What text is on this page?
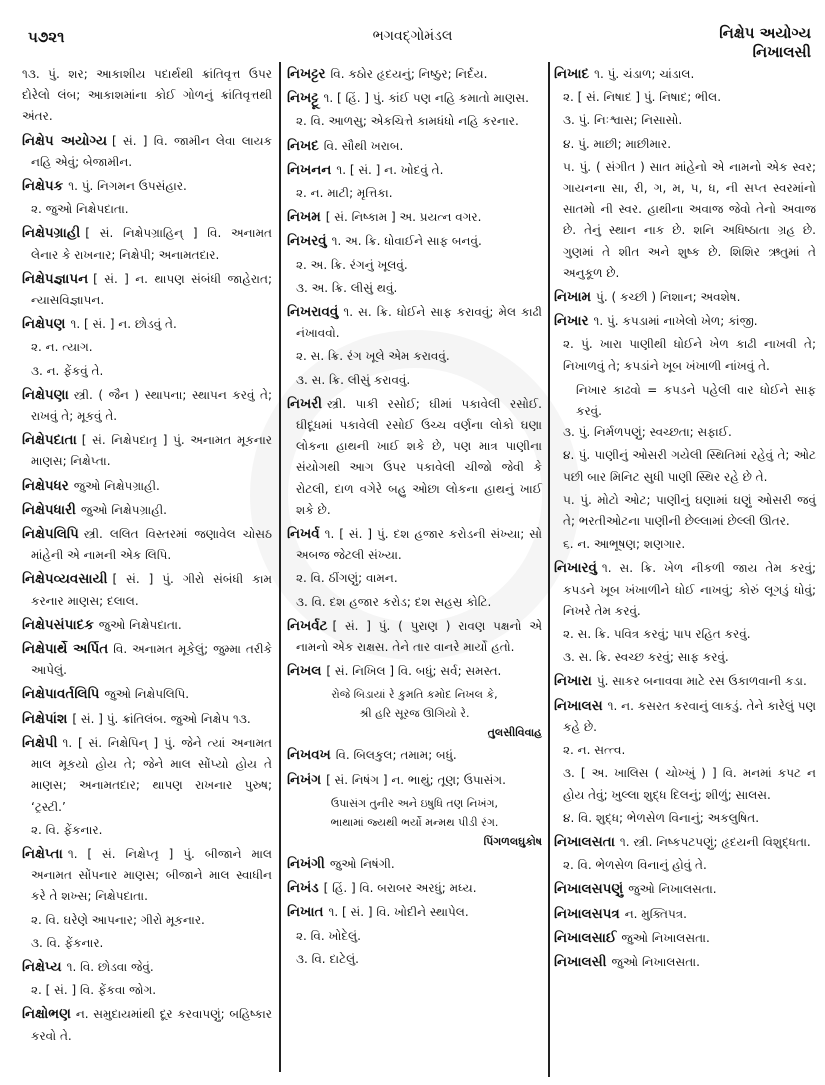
૫૭૨૧	ભગવદ્ગોમંડલ	નિક્ષેપ અયોગ્ય
નિખાલસી

૧૩. પું. શર; આકાશીય પદાર્થથી ક્રાંતિવૃત્ત ઉપર દોરેલો લંબ; આકાશમાંના કોઈ ગોળનું ક્રાંતિવૃત્તથી અંતર.

નિક્ષેપ અયોગ્ય [ સં. ] વિ. જામીન લેવા લાયક નહિ એવું; બેજામીન.

નિક્ષેપક ૧. પું. નિગમન ઉપસંહાર.

૨. જુઓ નિક્ષેપદાતા.

નિક્ષેપગ્રાહી [ સં. નિક્ષેપગ્રાહિન્ ] વિ. અનામત લેનાર કે રાખનાર; નિક્ષેપી; અનામતદાર.

નિક્ષેપજ્ઞાપન [ સં. ] ન. થાપણ સંબંધી જાહેરાત; ન્યાસવિજ્ઞાપન.

નિક્ષેપણ ૧. [ સં. ] ન. છોડવું તે.

૨. ન. ત્યાગ.

૩. ન. ફેંકવું તે.

નિક્ષેપણા સ્ત્રી. ( જૈન ) સ્થાપના; સ્થાપન કરવું તે; રાખવું તે; મૂકવું તે.

નિક્ષેપદાતા [ સં. નિક્ષેપદાતૃ ] પું. અનામત મૂકનાર માણસ; નિક્ષેપ્તા.

નિક્ષેપધર જુઓ નિક્ષેપગ્રાહી.

નિક્ષેપધારી જુઓ નિક્ષેપગ્રાહી.

નિક્ષેપલિપિ સ્ત્રી. લલિત વિસ્તરમાં જણાવેલ ચોસઠ માંહેની એ નામની એક લિપિ.

નિક્ષેપવ્યવસાયી [ સં. ] પું. ગીરો સંબંધી કામ કરનાર માણસ; દલાલ.

નિક્ષેપસંપાદક જુઓ નિક્ષેપદાતા.

નિક્ષેપાર્થે અર્પિત વિ. અનામત મૂકેલું; જુમ્મા તરીકે આપેલું.

નિક્ષેપાવર્તલિપિ જુઓ નિક્ષેપલિપિ.

નિક્ષેપાંશ [ સં. ] પું. ક્રાંતિલંબ. જુઓ નિક્ષેપ ૧૩.

નિક્ષેપી ૧. [ સં. નિક્ષેપિન્ ] પું. જેને ત્યાં અનામત માલ મૂકયો હોય તે; જેને માલ સોંપ્યો હોય તે માણસ; અનામતદાર; થાપણ રાખનાર પુરુષ; ‘ટ્રસ્ટી.’

૨. વિ. ફેંકનાર.

નિક્ષેપ્તા ૧. [ સં. નિક્ષેપ્તૃ ] પું. બીજાને માલ અનામત સોંપનાર માણસ; બીજાને માલ સ્વાધીન કરે તે શખ્સ; નિક્ષેપદાતા.

૨. વિ. ઘરેણે આપનાર; ગીરો મૂકનાર.

૩. વિ. ફેંકનાર.

નિક્ષેપ્ય ૧. વિ. છોડવા જેવું.

૨. [ સં. ] વિ. ફેંકવા જોગ.

નિક્ષોભણ ન. સમુદાયમાંથી દૂર કરવાપણું; બહિષ્કાર કરવો તે.

નિખટ્ટર વિ. કઠોર હૃદયનું; નિષ્ઠુર; નિર્દય.

નિખટ્ટૂ ૧. [ હિં. ] પું. કાંઈ પણ નહિ કમાતો માણસ.

૨. વિ. આળસુ; એકચિત્તે કામધંધો નહિ કરનાર.

નિખદ વિ. સૌથી ખરાબ.

નિખનન ૧. [ સં. ] ન. ખોદવું તે.

૨. ન. માટી; મૃત્તિકા.

નિખમ [ સં. નિષ્કામ ] અ. પ્રયત્ન વગર.

નિખરવું ૧. અ. ક્રિ. ધોવાઈને સાફ બનવું.

૨. અ. ક્રિ. રંગનું ખૂલવું.

૩. અ. ક્રિ. લીસું થવું.

નિખરાવવું ૧. સ. ક્રિ. ધોઈને સાફ કરાવવું; મેલ કાઢી નંખાવવો.

૨. સ. ક્રિ. રંગ ખૂલે એમ કરાવવું.

૩. સ. ક્રિ. લીસું કરાવવું.

નિખરી સ્ત્રી. પાકી રસોઈ; ઘીમાં પકાવેલી રસોઈ. ઘીદૂધમાં પકાવેલી રસોઈ ઉચ્ચ વર્ણના લોકો ઘણા લોકના હાથની ખાઈ શકે છે, પણ માત્ર પાણીના સંયોગથી આગ ઉપર પકાવેલી ચીજો જેવી કે રોટલી, દાળ વગેરે બહુ ઓછા લોકના હાથનું ખાઈ શકે છે.

નિખર્વ ૧. [ સં. ] પું. દશ હજાર કરોડની સંખ્યા; સો અબજ જેટલી સંખ્યા.

૨. વિ. ઠીંગણું; વામન.

૩. વિ. દશ હજાર કરોડ; દશ સહસ્ર કોટિ.

નિખર્વટ [ સં. ] પું. ( પુરાણ ) રાવણ પક્ષનો એ નામનો એક રાક્ષસ. તેને તાર વાનરે માર્યો હતો.

નિખલ [ સં. નિખિલ ] વિ. બધું; સર્વ; સમસ્ત.

રોજે બિડાયાં રે કુમતિ કમોદ નિખલ કે,

શ્રી હરિ સૂરજ ઊગિયો રે.

તુલસીવિવાહ

નિખવખ વિ. બિલકુલ; તમામ; બધું.

નિખંગ [ સં. નિષંગ ] ન. ભાથું; તૂણ; ઉપાસંગ.

ઉપાસંગ તુનીર અને ઇષુધિ તણ નિખંગ,

ભાથામાં જ્યથી ભર્યો મન્મથ પીડી રંગ.

પિંગળલઘુકોષ

નિખંગી જુઓ નિષંગી.

નિખંડ [ હિં. ] વિ. બરાબર અરધું; મધ્ય.

નિખાત ૧. [ સં. ] વિ. ખોદીને સ્થાપેલ.

૨. વિ. ખોદેલું.

૩. વિ. દાટેલું.

નિખાદ ૧. પું. ચંડાળ; ચાંડાલ.

૨. [ સં. નિષાદ ] પું. નિષાદ; ભીલ.

૩. પું. નિઃશ્વાસ; નિસાસો.

૪. પું. માછી; માછીમાર.

૫. પું. ( સંગીત ) સાત માંહેનો એ નામનો એક સ્વર; ગાયનના સા, રી, ગ, મ, પ, ધ, ની સપ્ત સ્વરમાંનો સાતમો ની સ્વર. હાથીના અવાજ જેવો તેનો અવાજ છે. તેનું સ્થાન નાક છે. શનિ અધિષ્ઠાતા ગ્રહ છે. ગુણમાં તે શીત અને શુષ્ક છે. શિશિર ઋતુમાં તે અનુકૂળ છે.

નિખામ પું. ( કચ્છી ) નિશાન; અવશેષ.

નિખાર ૧. પું. કપડામાં નાખેલો ખેળ; કાંજી.

૨. પું. ખારા પાણીથી ધોઈને ખેળ કાઢી નાખવી તે; નિખાળવું તે; કપડાંને ખૂબ ખંખાળી નાંખવું તે.

નિખાર કાઢવો = કપડને પહેલી વાર ધોઈને સાફ કરવું.

૩. પું. નિર્મળપણું; સ્વચ્છતા; સફાઈ.

૪. પું. પાણીનું ઓસરી ગયેલી સ્થિતિમાં રહેવું તે; ઓટ પછી બાર મિનિટ સુધી પાણી સ્થિર રહે છે તે.

૫. પું. મોટો ઓટ; પાણીનું ઘણામાં ઘણું ઓસરી જવું તે; ભરતીઓટના પાણીની છેલ્લામાં છેલ્લી ઊતર.

૬. ન. આભૂષણ; શણગાર.

નિખારવું ૧. સ. ક્રિ. ખેળ નીકળી જાય તેમ કરવું; કપડને ખૂબ ખંખાળીને ધોઈ નાખવું; કોરું લૂગડું ધોવું; નિખરે તેમ કરવું.

૨. સ. ક્રિ. પવિત્ર કરવું; પાપ રહિત કરવું.

૩. સ. ક્રિ. સ્વચ્છ કરવું; સાફ કરવું.

નિખારા પું. સાકર બનાવવા માટે રસ ઉકાળવાની કડા.

નિખાલસ ૧. ન. કસરત કરવાનું લાકડું. તેને કારેલું પણ કહે છે.

૨. ન. સત્ત્વ.

૩. [ અ. ખાલિસ ( ચોખ્ખું ) ] વિ. મનમાં કપટ ન હોય તેવું; ખુલ્લા શુદ્ધ દિલનું; શીળું; સાલસ.

૪. વિ. શુદ્ધ; ભેળસેળ વિનાનું; અકલુષિત.

નિખાલસતા ૧. સ્ત્રી. નિષ્કપટપણું; હૃદયની વિશુદ્ધતા.

૨. વિ. ભેળસેળ વિનાનું હોવું તે.

નિખાલસપણું જુઓ નિખાલસતા.

નિખાલસપત્ર ન. મુક્તિપત્ર.

નિખાલસાઈ જુઓ નિખાલસતા.

નિખાલસી જુઓ નિખાલસતા.
